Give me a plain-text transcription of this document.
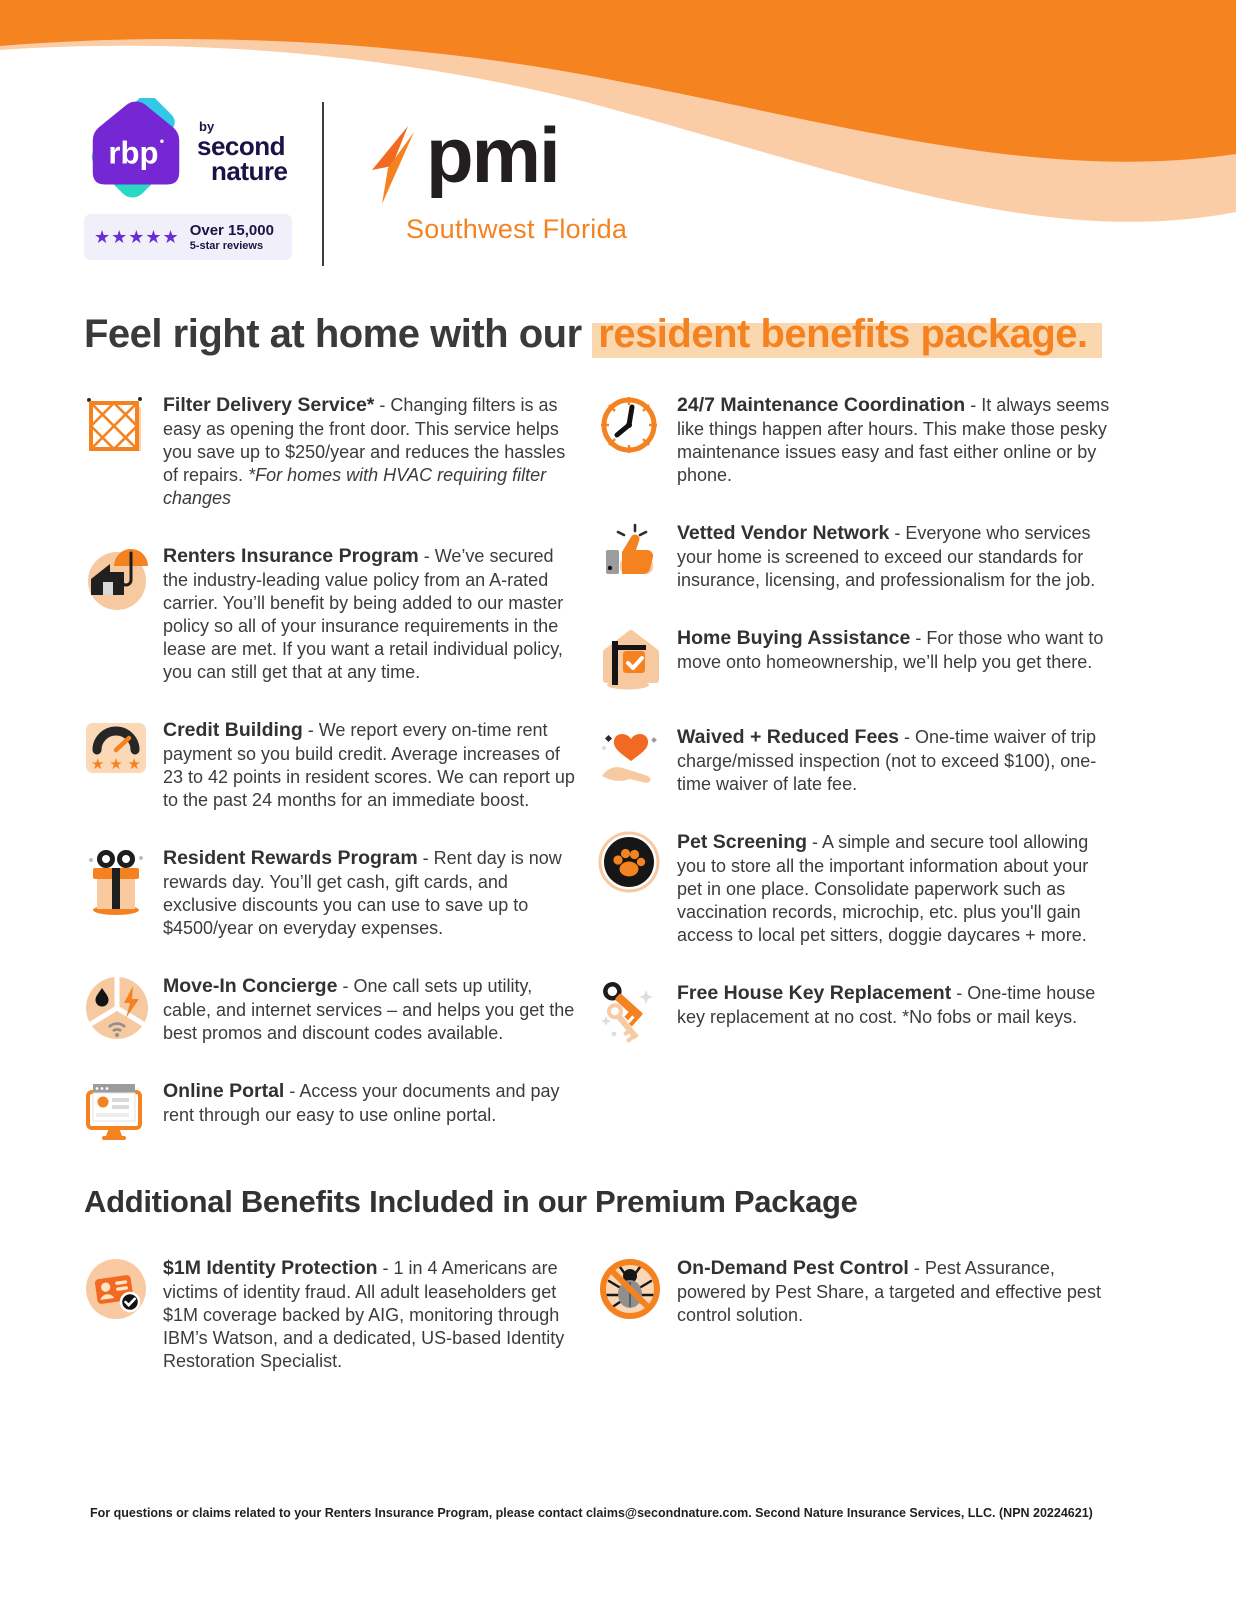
rbp
by
second
nature
★★★★★ Over 15,000
5-star reviews
pmi
Southwest Florida
Feel right at home with our resident benefits package.

Filter Delivery Service* - Changing filters is as easy as opening the front door. This service helps you save up to $250/year and reduces the hassles of repairs. *For homes with HVAC requiring filter changes

Renters Insurance Program - We’ve secured the industry-leading value policy from an A-rated carrier. You’ll benefit by being added to our master policy so all of your insurance requirements in the lease are met. If you want a retail individual policy, you can still get that at any time.

★ ★ ★

Credit Building - We report every on-time rent payment so you build credit. Average increases of 23 to 42 points in resident scores. We can report up to the past 24 months for an immediate boost.

Resident Rewards Program - Rent day is now rewards day. You’ll get cash, gift cards, and exclusive discounts you can use to save up to $4500/year on everyday expenses.

Move-In Concierge - One call sets up utility, cable, and internet services – and helps you get the best promos and discount codes available.

Online Portal - Access your documents and pay rent through our easy to use online portal.

24/7 Maintenance Coordination - It always seems like things happen after hours. This make those pesky maintenance issues easy and fast either online or by phone.

Vetted Vendor Network - Everyone who services your home is screened to exceed our standards for insurance, licensing, and professionalism for the job.

Home Buying Assistance - For those who want to move onto homeownership, we’ll help you get there.

Waived + Reduced Fees - One-time waiver of trip charge/missed inspection (not to exceed $100), one-time waiver of late fee.

Pet Screening - A simple and secure tool allowing you to store all the important information about your pet in one place. Consolidate paperwork such as vaccination records, microchip, etc. plus you'll gain access to local pet sitters, doggie daycares + more.

Free House Key Replacement - One-time house key replacement at no cost. *No fobs or mail keys.

Additional Benefits Included in our Premium Package

$1M Identity Protection - 1 in 4 Americans are victims of identity fraud. All adult leaseholders get $1M coverage backed by AIG, monitoring through IBM’s Watson, and a dedicated, US-based Identity Restoration Specialist.

On-Demand Pest Control - Pest Assurance, powered by Pest Share, a targeted and effective pest control solution.

For questions or claims related to your Renters Insurance Program, please contact claims@secondnature.com. Second Nature Insurance Services, LLC. (NPN 20224621)
